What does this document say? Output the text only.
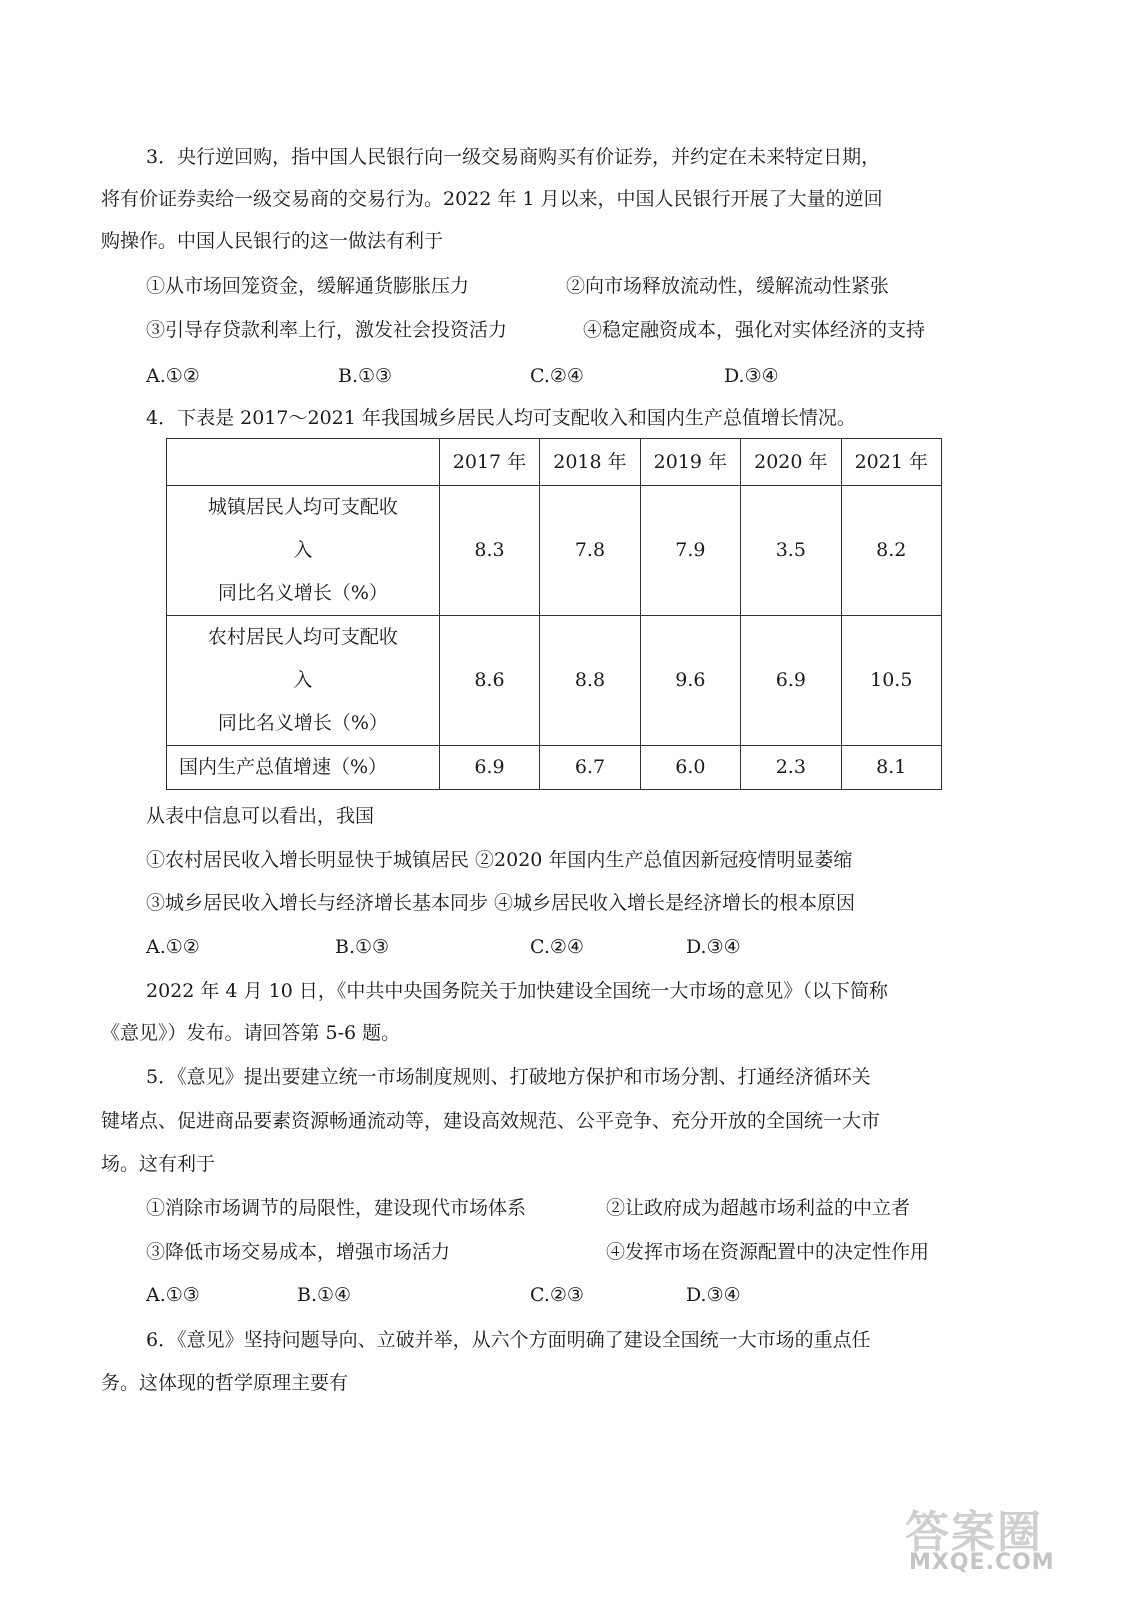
3．央行逆回购，指中国人民银行向一级交易商购买有价证券，并约定在未来特定日期，
将有价证券卖给一级交易商的交易行为。2022 年 1 月以来，中国人民银行开展了大量的逆回
购操作。中国人民银行的这一做法有利于
①从市场回笼资金，缓解通货膨胀压力	②向市场释放流动性，缓解流动性紧张
③引导存贷款利率上行，激发社会投资活力	④稳定融资成本，强化对实体经济的支持
A.①②	B.①③	C.②④	D.③④
4．下表是 2017～2021 年我国城乡居民人均可支配收入和国内生产总值增长情况。
	2017 年	2018 年	2019 年	2020 年	2021 年

城镇居民人均可支配收
入
同比名义增长（%）	8.3	7.8	7.9	3.5	8.2

农村居民人均可支配收
入
同比名义增长（%）	8.6	8.8	9.6	6.9	10.5
国内生产总值增速（%）	6.9	6.7	6.0	2.3	8.1
从表中信息可以看出，我国
①农村居民收入增长明显快于城镇居民 ②2020 年国内生产总值因新冠疫情明显萎缩
③城乡居民收入增长与经济增长基本同步 ④城乡居民收入增长是经济增长的根本原因
A.①②	B.①③	C.②④	D.③④
2022 年 4 月 10 日，《中共中央国务院关于加快建设全国统一大市场的意见》（以下简称
《意见》）发布。请回答第 5-6 题。
5．《意见》提出要建立统一市场制度规则、打破地方保护和市场分割、打通经济循环关
键堵点、促进商品要素资源畅通流动等，建设高效规范、公平竞争、充分开放的全国统一大市
场。这有利于
①消除市场调节的局限性，建设现代市场体系	②让政府成为超越市场利益的中立者
③降低市场交易成本，增强市场活力	④发挥市场在资源配置中的决定性作用
A.①③	B.①④	C.②③	D.③④
6．《意见》坚持问题导向、立破并举，从六个方面明确了建设全国统一大市场的重点任
务。这体现的哲学原理主要有
答案圈
MXQE.COM
